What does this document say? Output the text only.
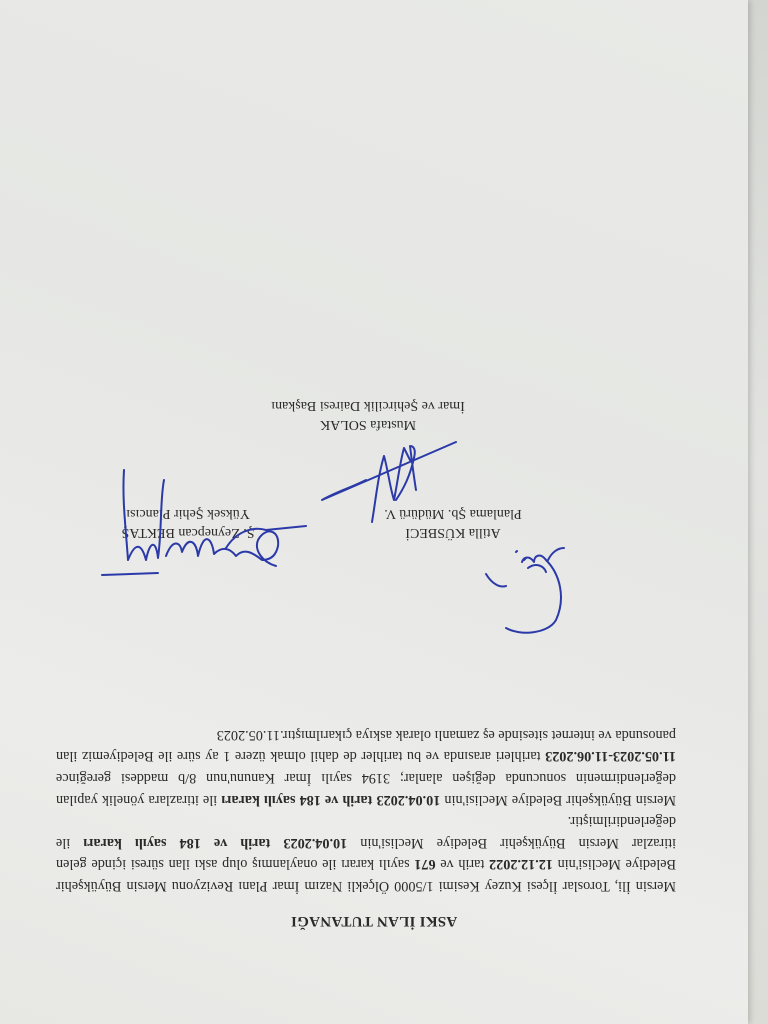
ASKI İLAN TUTANAĞI

Mersin İli, Toroslar İlçesi Kuzey Kesimi 1/5000 Ölçekli Nazım İmar Planı Revizyonu Mersin Büyükşehir Belediye Meclisi'nin 12.12.2022 tarih ve 671 sayılı kararı ile onaylanmış olup askı ilan süresi içinde gelen itirazlar Mersin Büyükşehir Belediye Meclisi'nin 10.04.2023 tarih ve 184 sayılı kararı ile değerlendirilmiştir.

Mersin Büyükşehir Belediye Meclisi'nin 10.04.2023 tarih ve 184 sayılı kararı ile itirazlara yönelik yapılan değerlendirmenin sonucunda değişen alanlar; 3194 sayılı İmar Kanunu'nun 8/b maddesi gereğince 11.05.2023-11.06.2023 tarihleri arasında ve bu tarihler de dahil olmak üzere 1 ay süre ile Belediyemiz ilan panosunda ve internet sitesinde eş zamanlı olarak askıya çıkarılmıştır.11.05.2023

Atilla KÜSBECİ
Planlama Şb. Müdürü V.
Ş. Zeynepcan BEKTAŞ
Yüksek Şehir Plancısı
Mustafa SOLAK
İmar ve Şehircilik Dairesi Başkanı
